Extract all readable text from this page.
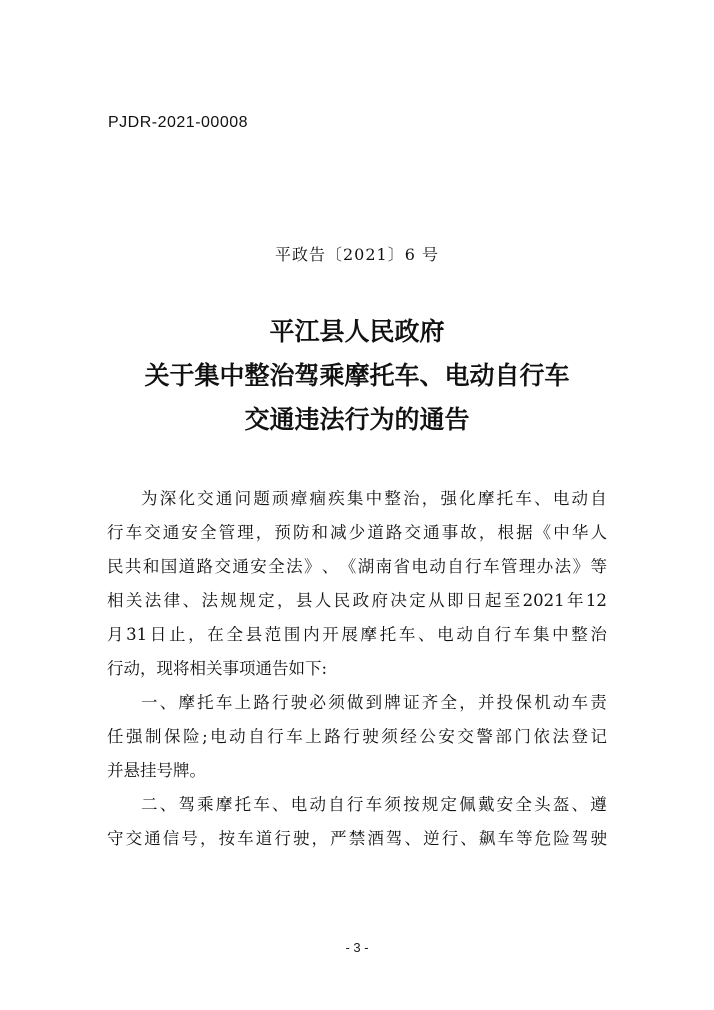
PJDR-2021-00008
平政告〔2021〕6 号
平江县人民政府
关于集中整治驾乘摩托车、电动自行车
交通违法行为的通告
为 深 化 交 通 问 题 顽 瘴 痼 疾 集 中 整 治 ， 强 化 摩 托 车 、 电 动 自
行 车 交 通 安 全 管 理 ， 预 防 和 减 少 道 路 交 通 事 故 ， 根 据 《 中 华 人
民 共 和 国 道 路 交 通 安 全 法 》 、 《 湖 南 省 电 动 自 行 车 管 理 办 法 》 等
相 关 法 律 、 法 规 规 定 ， 县 人 民 政 府 决 定 从 即 日 起 至 2021 年 12
月 31 日 止 ， 在 全 县 范 围 内 开 展 摩 托 车 、 电 动 自 行 车 集 中 整 治
行动，现将相关事项通告如下:
一 、 摩 托 车 上 路 行 驶 必 须 做 到 牌 证 齐 全 ， 并 投 保 机 动 车 责
任 强 制 保 险 ; 电 动 自 行 车 上 路 行 驶 须 经 公 安 交 警 部 门 依 法 登 记
并悬挂号牌。
二 、 驾 乘 摩 托 车 、 电 动 自 行 车 须 按 规 定 佩 戴 安 全 头 盔 、 遵
守 交 通 信 号 ， 按 车 道 行 驶 ， 严 禁 酒 驾 、 逆 行 、 飙 车 等 危 险 驾 驶
- 3 -
